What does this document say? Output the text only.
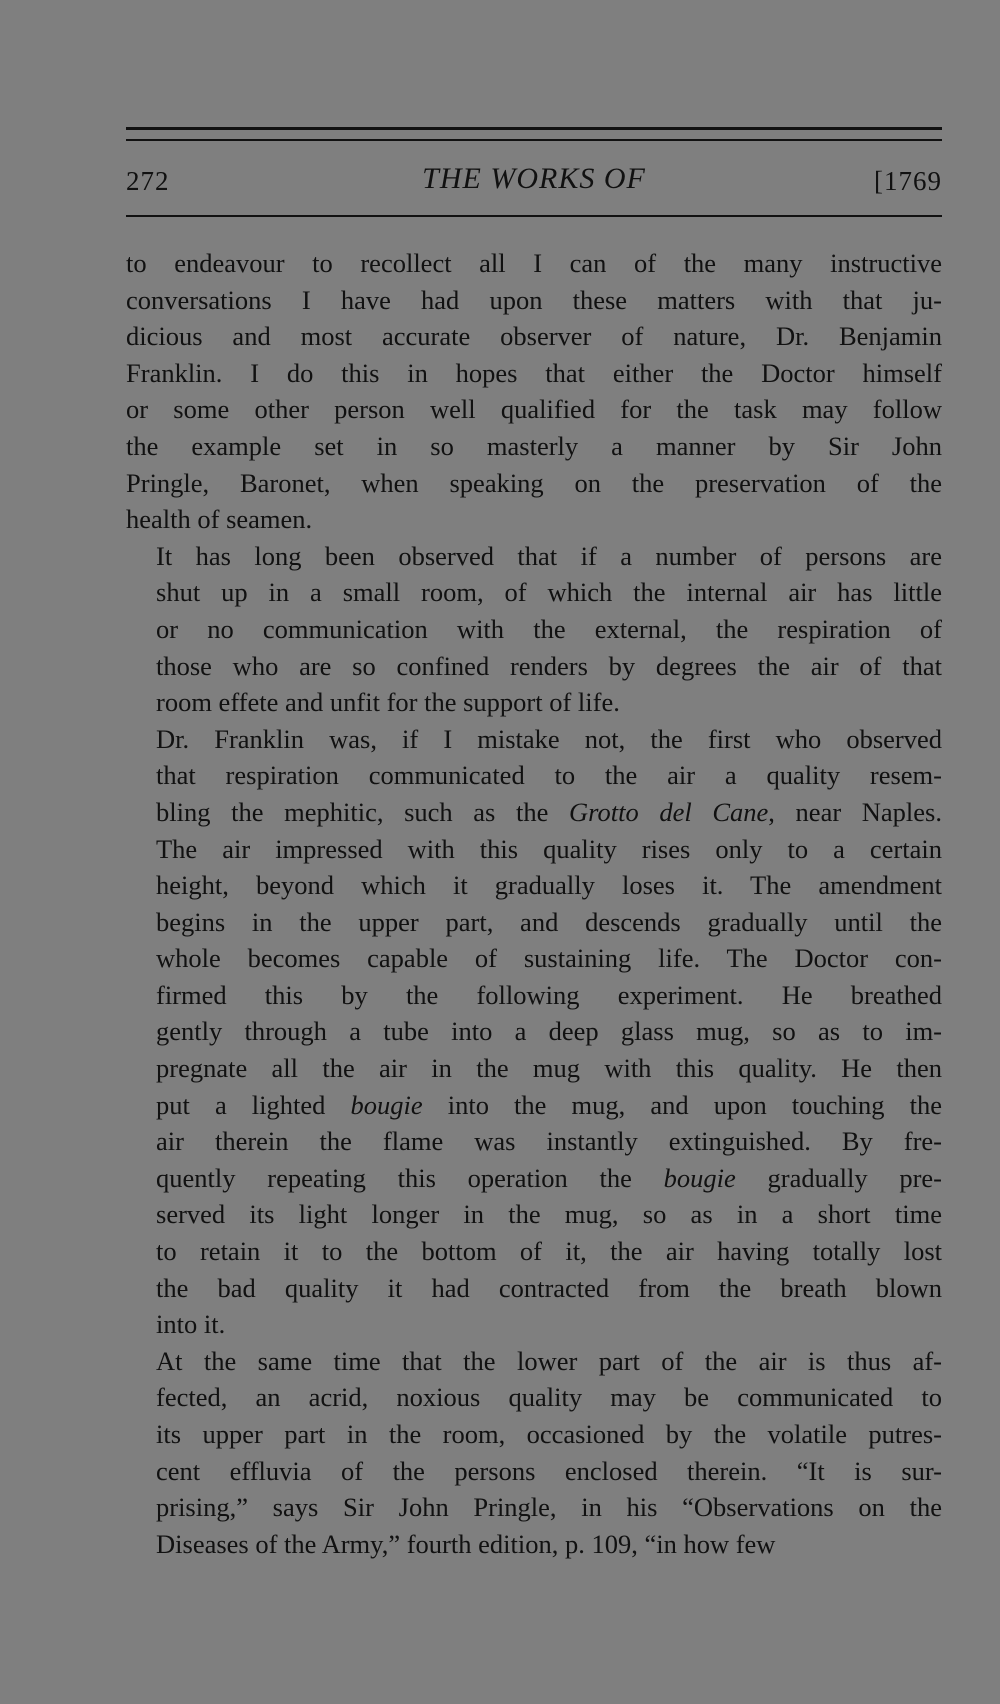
272	THE WORKS OF	[1769

to endeavour to recollect all I can of the many instructive
conversations I have had upon these matters with that ju-
dicious and most accurate observer of nature, Dr. Benjamin
Franklin. I do this in hopes that either the Doctor himself
or some other person well qualified for the task may follow
the example set in so masterly a manner by Sir John
Pringle, Baronet, when speaking on the preservation of the
health of seamen.

It has long been observed that if a number of persons are
shut up in a small room, of which the internal air has little
or no communication with the external, the respiration of
those who are so confined renders by degrees the air of that
room effete and unfit for the support of life.

Dr. Franklin was, if I mistake not, the first who observed
that respiration communicated to the air a quality resem-
bling the mephitic, such as the Grotto del Cane, near Naples.
The air impressed with this quality rises only to a certain
height, beyond which it gradually loses it. The amendment
begins in the upper part, and descends gradually until the
whole becomes capable of sustaining life. The Doctor con-
firmed this by the following experiment. He breathed
gently through a tube into a deep glass mug, so as to im-
pregnate all the air in the mug with this quality. He then
put a lighted bougie into the mug, and upon touching the
air therein the flame was instantly extinguished. By fre-
quently repeating this operation the bougie gradually pre-
served its light longer in the mug, so as in a short time
to retain it to the bottom of it, the air having totally lost
the bad quality it had contracted from the breath blown
into it.

At the same time that the lower part of the air is thus af-
fected, an acrid, noxious quality may be communicated to
its upper part in the room, occasioned by the volatile putres-
cent effluvia of the persons enclosed therein. “It is sur-
prising,” says Sir John Pringle, in his “Observations on the
Diseases of the Army,” fourth edition, p. 109, “in how few
